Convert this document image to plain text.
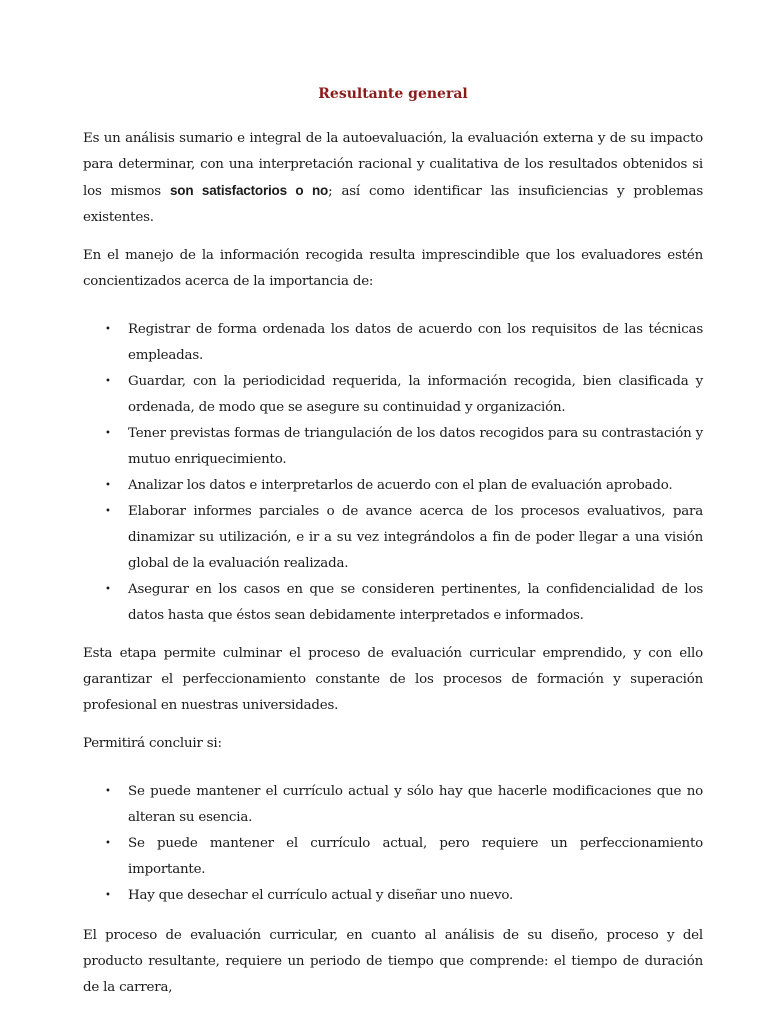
Resultante general

Es un análisis sumario e integral de la autoevaluación, la evaluación externa y de su impacto para determinar, con una interpretación racional y cualitativa de los resultados obtenidos si los mismos son satisfactorios o no; así como identificar las insuficiencias y problemas existentes.

En el manejo de la información recogida resulta imprescindible que los evaluadores estén concientizados acerca de la importancia de:

• Registrar de forma ordenada los datos de acuerdo con los requisitos de las técnicas empleadas.
• Guardar, con la periodicidad requerida, la información recogida, bien clasificada y ordenada, de modo que se asegure su continuidad y organización.
• Tener previstas formas de triangulación de los datos recogidos para su contrastación y mutuo enriquecimiento.
• Analizar los datos e interpretarlos de acuerdo con el plan de evaluación aprobado.
• Elaborar informes parciales o de avance acerca de los procesos evaluativos, para dinamizar su utilización, e ir a su vez integrándolos a fin de poder llegar a una visión global de la evaluación realizada.
• Asegurar en los casos en que se consideren pertinentes, la confidencialidad de los datos hasta que éstos sean debidamente interpretados e informados.

Esta etapa permite culminar el proceso de evaluación curricular emprendido, y con ello garantizar el perfeccionamiento constante de los procesos de formación y superación profesional en nuestras universidades.

Permitirá concluir si:

• Se puede mantener el currículo actual y sólo hay que hacerle modificaciones que no alteran su esencia.
• Se puede mantener el currículo actual, pero requiere un perfeccionamiento importante.
• Hay que desechar el currículo actual y diseñar uno nuevo.

El proceso de evaluación curricular, en cuanto al análisis de su diseño, proceso y del producto resultante, requiere un periodo de tiempo que comprende: el tiempo de duración de la carrera,
